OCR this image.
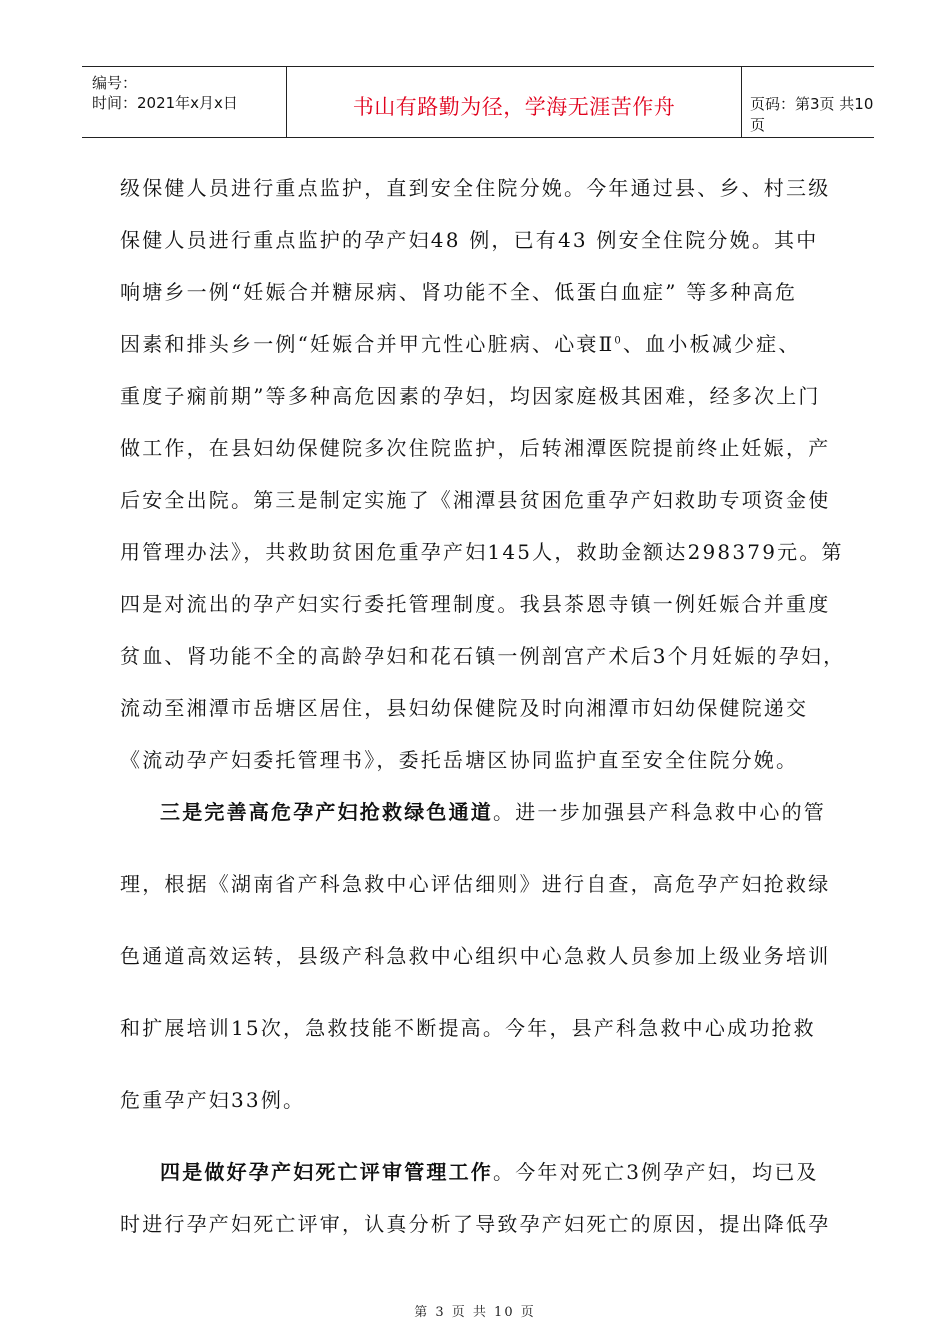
编号：
时间：2021年x月x日	书山有路勤为径，学海无涯苦作舟	页码：第3页 共10页
级保健人员进行重点监护，直到安全住院分娩。今年通过县、乡、村三级
保健人员进行重点监护的孕产妇48 例，已有43 例安全住院分娩。其中
响塘乡一例“妊娠合并糖尿病、肾功能不全、低蛋白血症” 等多种高危
因素和排头乡一例“妊娠合并甲亢性心脏病、心衰Ⅱ$^0$、血小板减少症、
重度子痫前期”等多种高危因素的孕妇，均因家庭极其困难，经多次上门
做工作，在县妇幼保健院多次住院监护，后转湘潭医院提前终止妊娠，产
后安全出院。第三是制定实施了《湘潭县贫困危重孕产妇救助专项资金使
用管理办法》，共救助贫困危重孕产妇145人，救助金额达298379元。第
四是对流出的孕产妇实行委托管理制度。我县茶恩寺镇一例妊娠合并重度
贫血、肾功能不全的高龄孕妇和花石镇一例剖宫产术后3个月妊娠的孕妇，
流动至湘潭市岳塘区居住，县妇幼保健院及时向湘潭市妇幼保健院递交
《流动孕产妇委托管理书》，委托岳塘区协同监护直至安全住院分娩。
三是完善高危孕产妇抢救绿色通道。进一步加强县产科急救中心的管
理，根据《湖南省产科急救中心评估细则》进行自查，高危孕产妇抢救绿
色通道高效运转，县级产科急救中心组织中心急救人员参加上级业务培训
和扩展培训15次，急救技能不断提高。今年，县产科急救中心成功抢救
危重孕产妇33例。
四是做好孕产妇死亡评审管理工作。今年对死亡3例孕产妇，均已及
时进行孕产妇死亡评审，认真分析了导致孕产妇死亡的原因，提出降低孕
第 3 页 共 10 页
